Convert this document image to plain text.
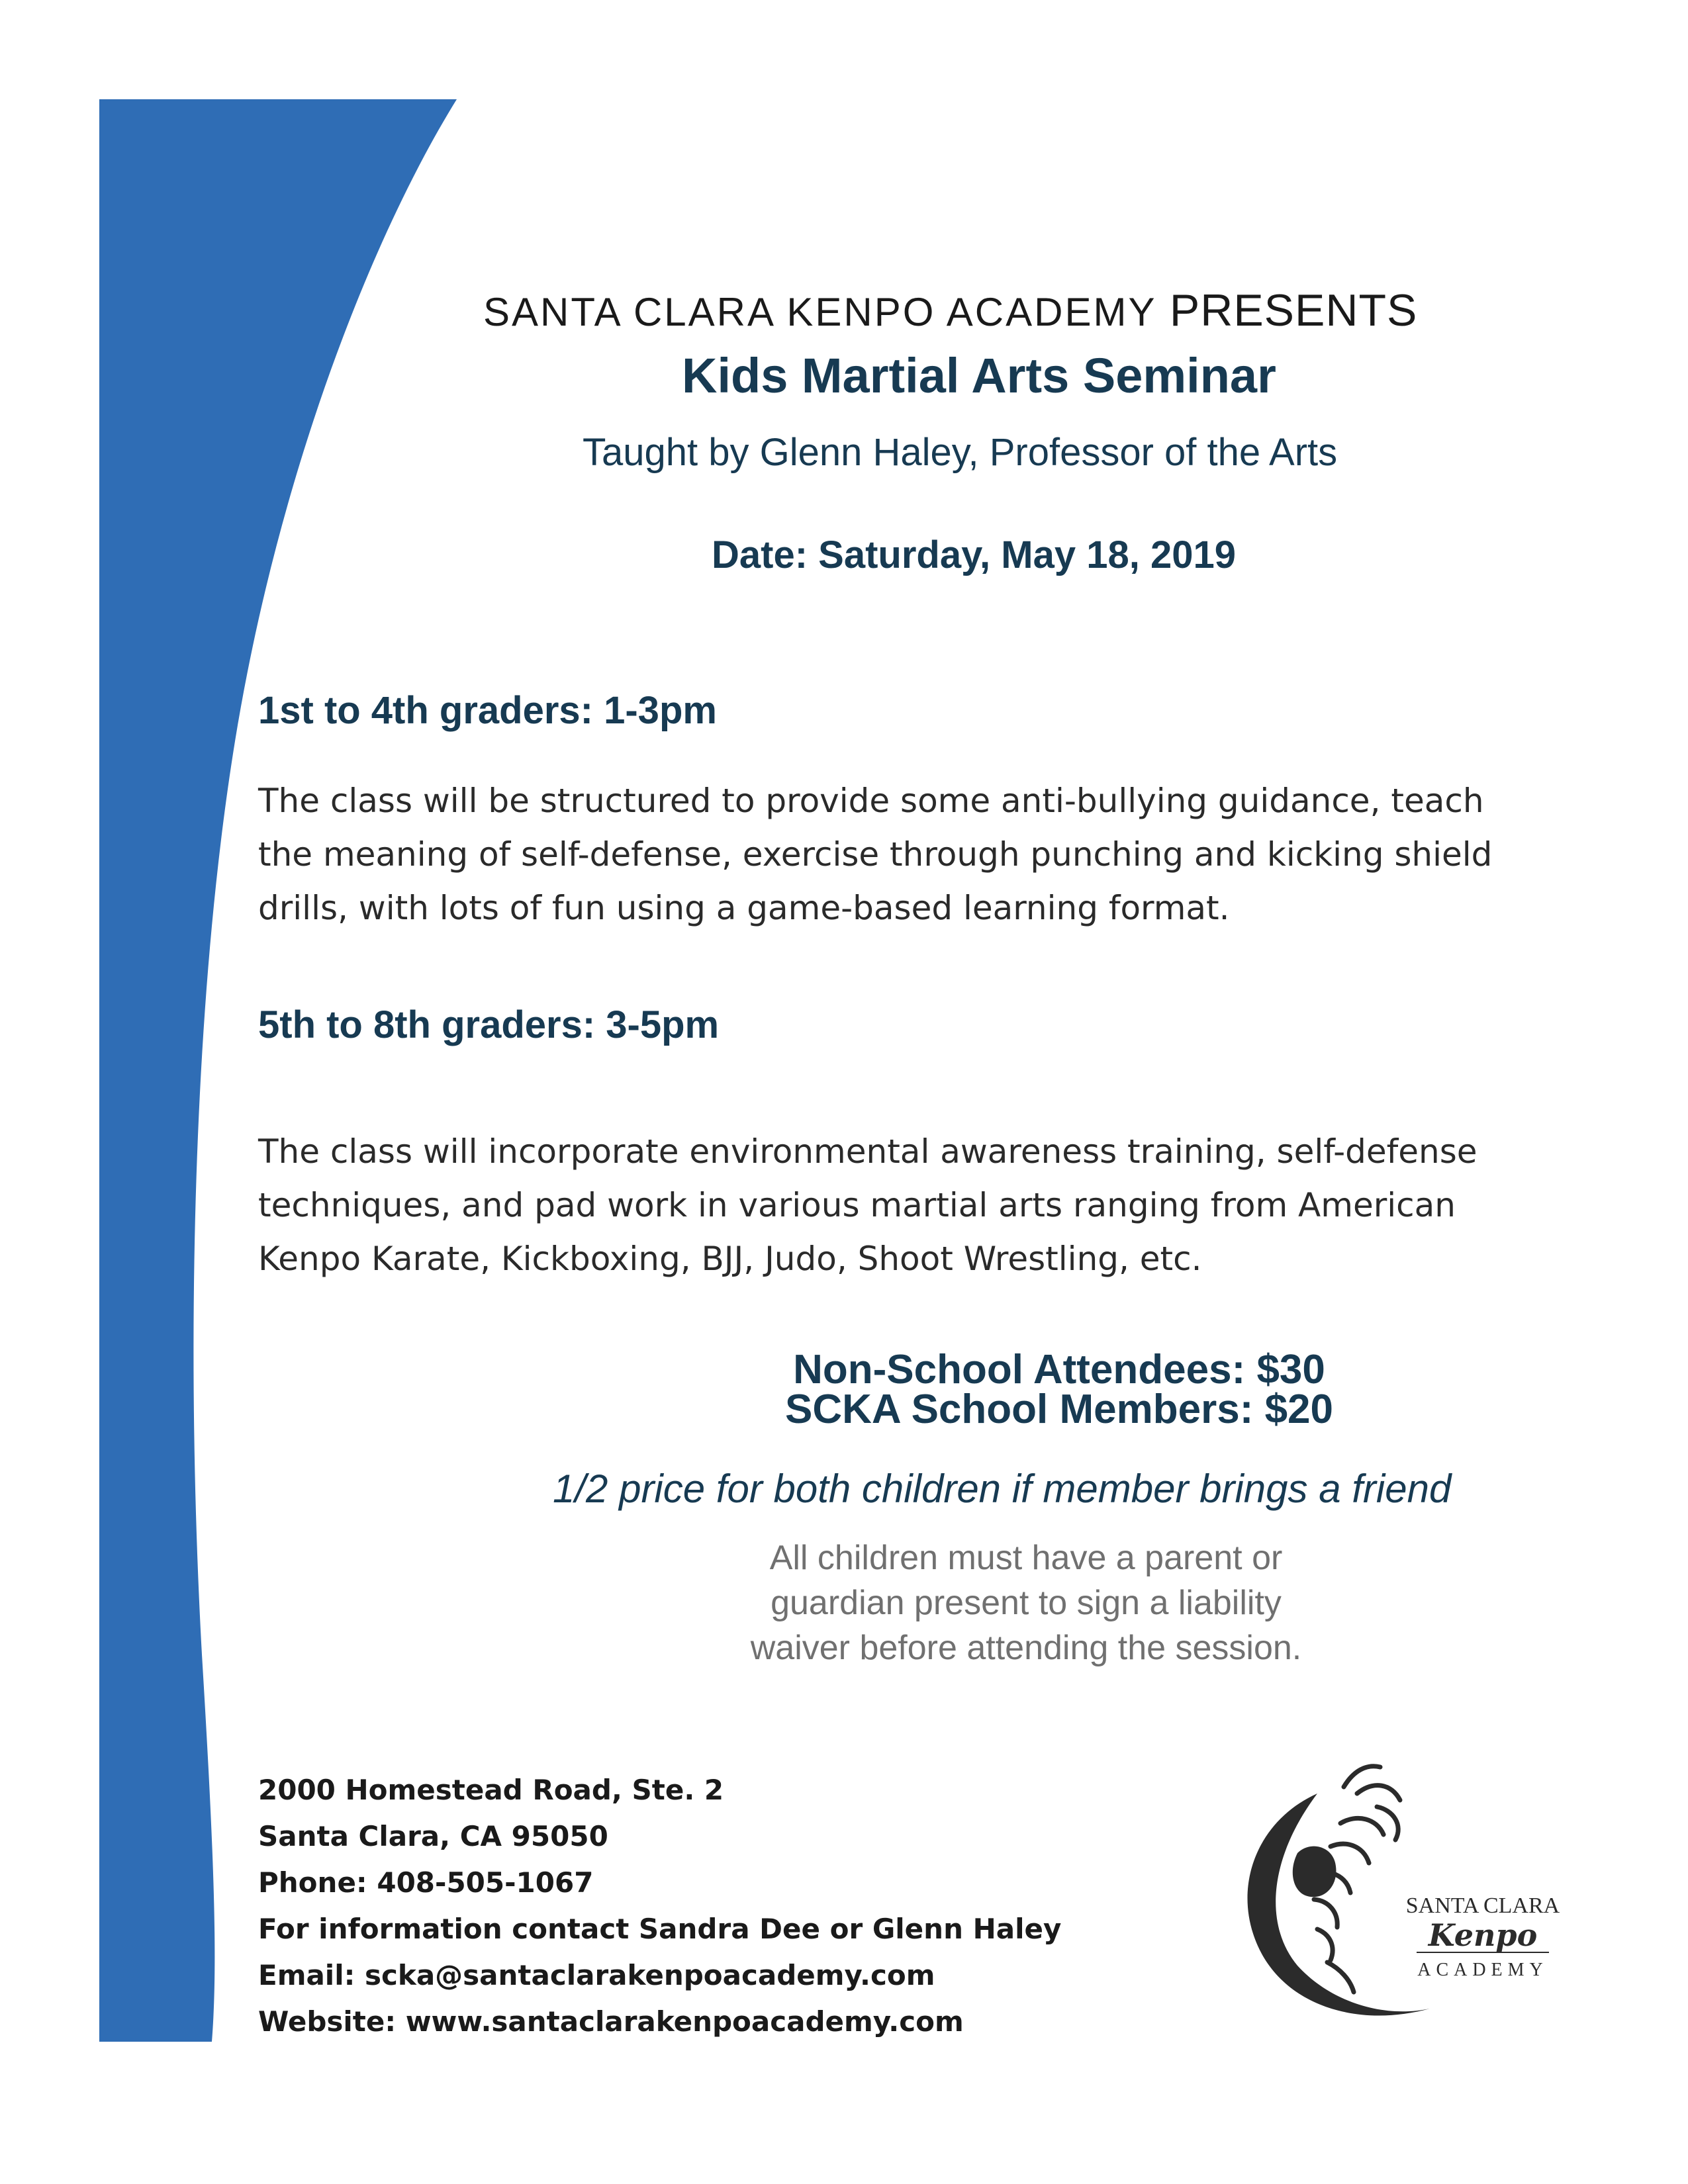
SANTA CLARA KENPO ACADEMY PRESENTS
Kids Martial Arts Seminar
Taught by Glenn Haley, Professor of the Arts
Date: Saturday, May 18, 2019
1st to 4th graders: 1-3pm
The class will be structured to provide some anti-bullying guidance, teach
the meaning of self-defense, exercise through punching and kicking shield
drills, with lots of fun using a game-based learning format.
5th to 8th graders: 3-5pm
The class will incorporate environmental awareness training, self-defense
techniques, and pad work in various martial arts ranging from American
Kenpo Karate, Kickboxing, BJJ, Judo, Shoot Wrestling, etc.
Non-School Attendees: $30
SCKA School Members: $20
1/2 price for both children if member brings a friend
All children must have a parent or
guardian present to sign a liability
waiver before attending the session.
2000 Homestead Road, Ste. 2
Santa Clara, CA 95050
Phone: 408-505-1067
For information contact Sandra Dee or Glenn Haley
Email: scka@santaclarakenpoacademy.com
Website: www.santaclarakenpoacademy.com
SANTA CLARA
Kenpo
ACADEMY
